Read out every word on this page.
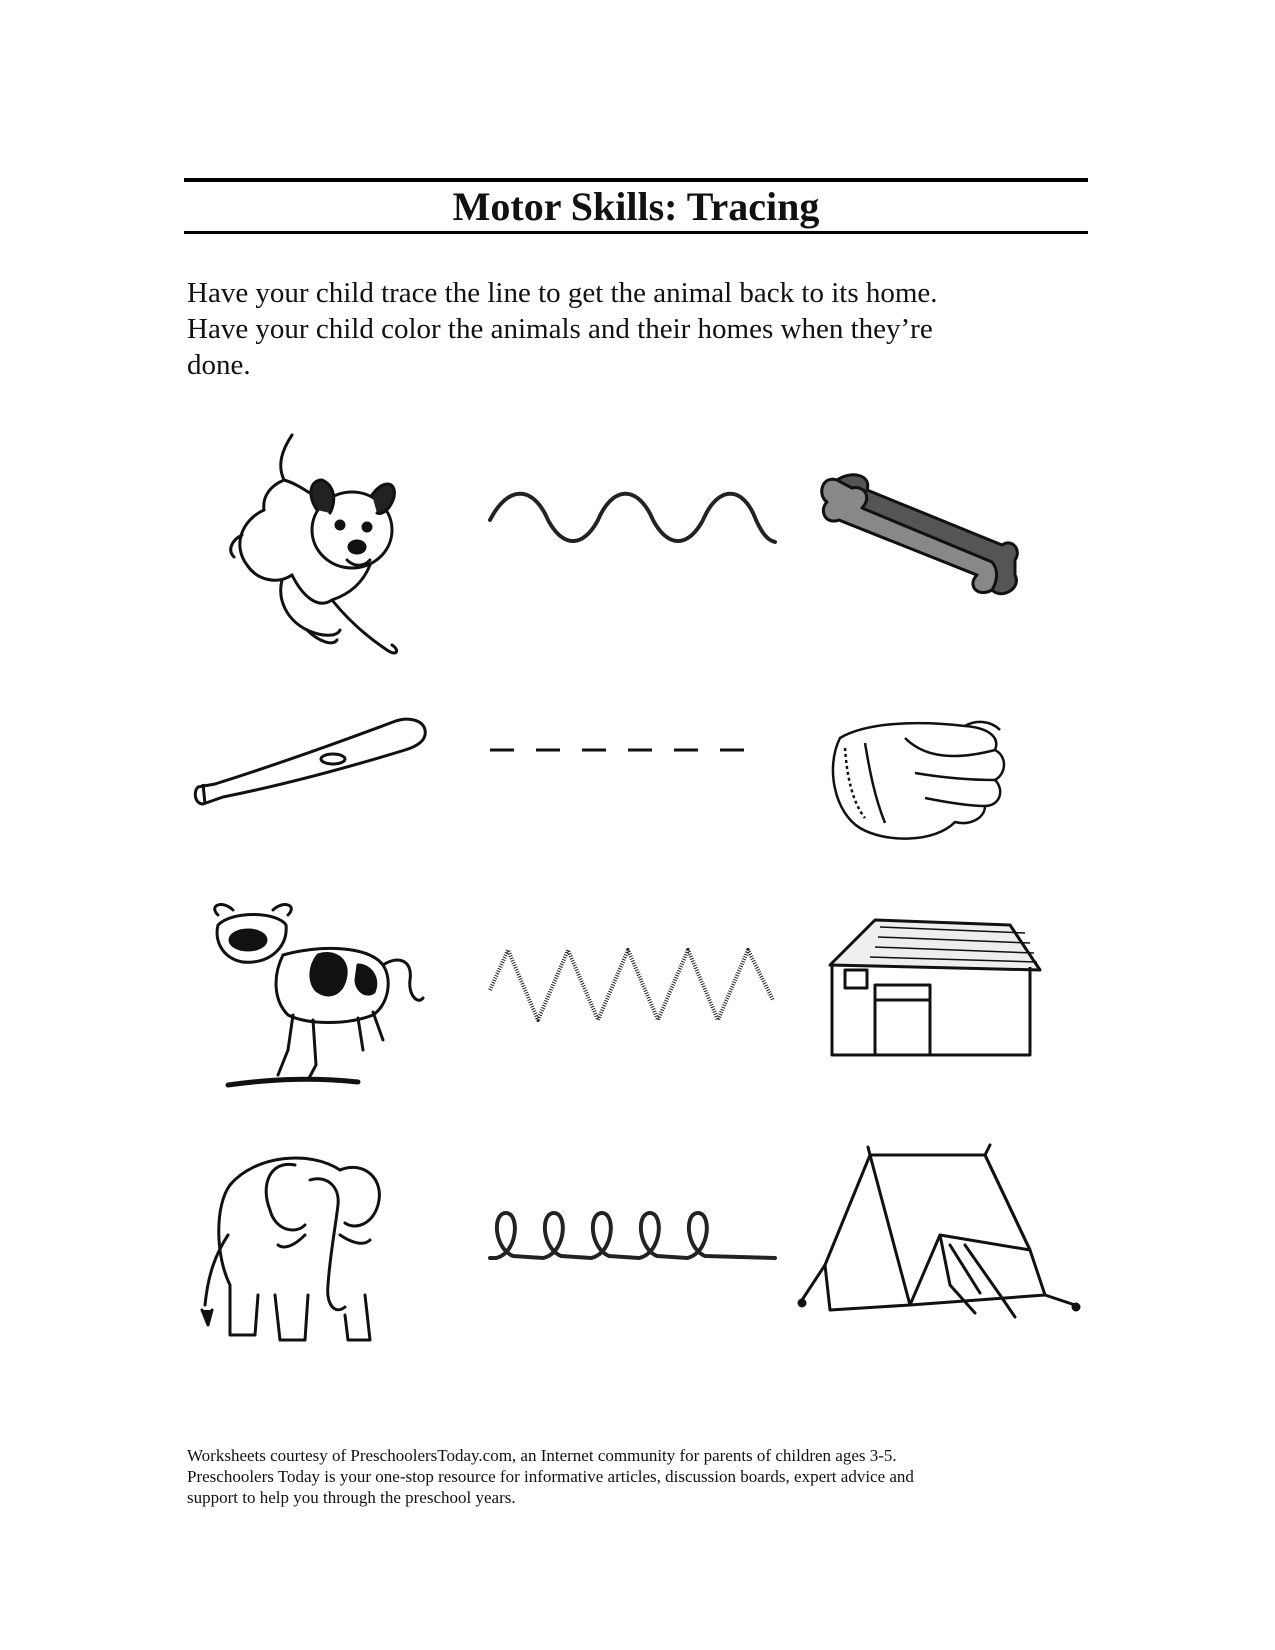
Motor Skills: Tracing
Have your child trace the line to get the animal back to its home.
Have your child color the animals and their homes when they’re
done.
Worksheets courtesy of PreschoolersToday.com, an Internet community for parents of children ages 3-5.
Preschoolers Today is your one-stop resource for informative articles, discussion boards, expert advice and
support to help you through the preschool years.
